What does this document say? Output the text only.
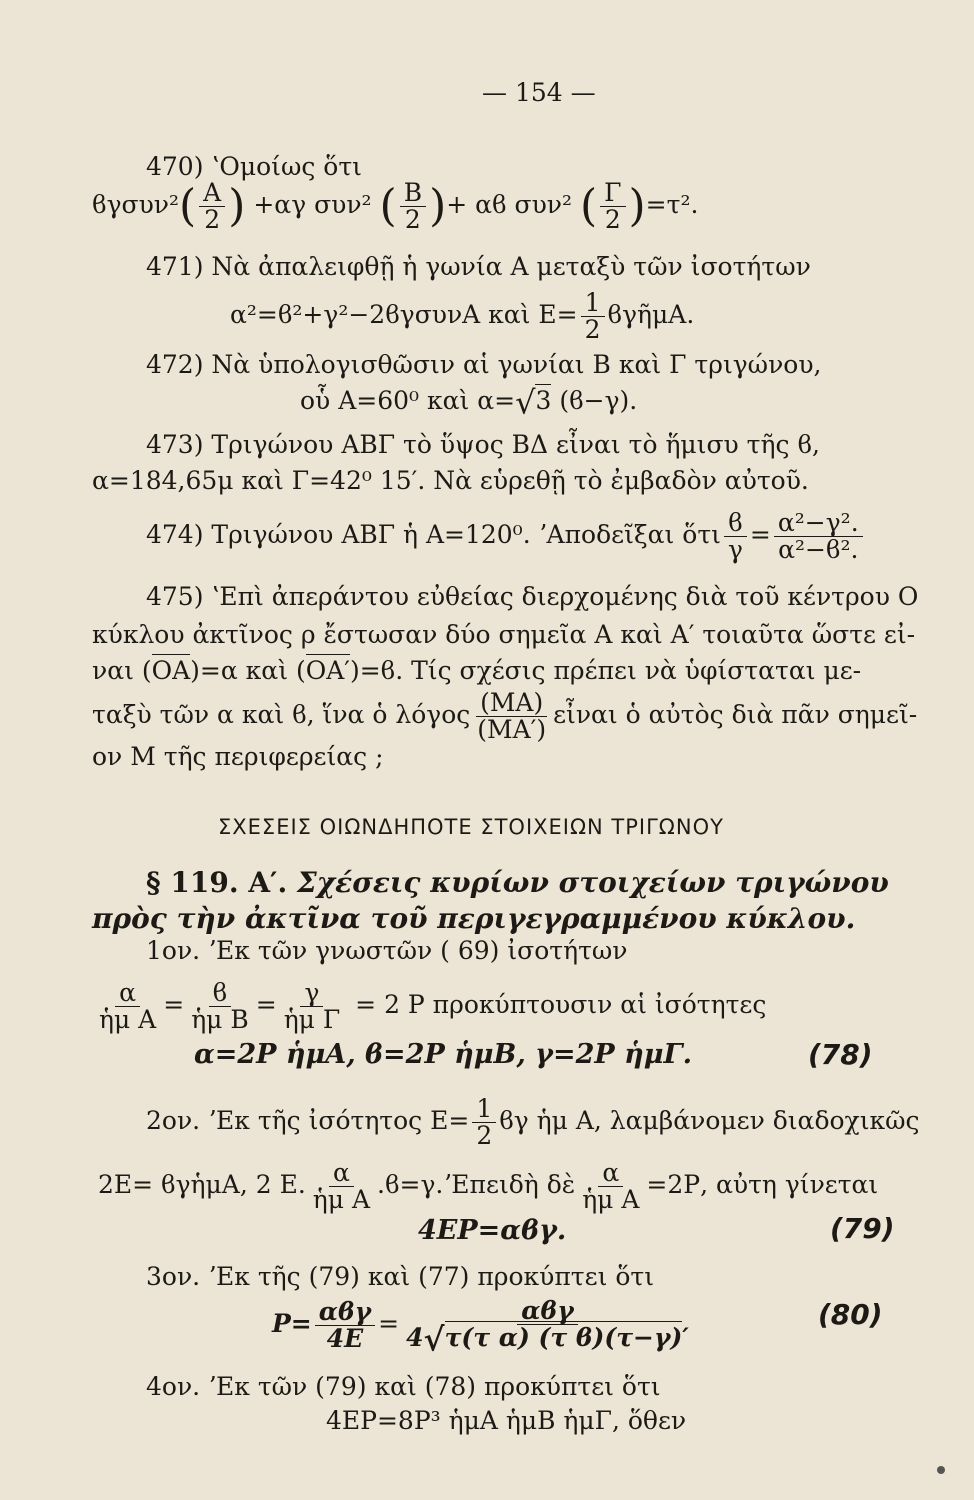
— 154 —
470) ʽΟμοίως ὅτι
$ϐ\gamma\sigma\upsilon\nu^2( \frac{A}{2}$ ) +αγ συν² ( $\frac{B}{2}$ )+ αϐ συν² ( $\frac{\Gamma}{2} )=\tau^2$.
471) Νὰ ἀπαλειφθῇ ἡ γωνία Α μεταξὺ τῶν ἰσοτήτων
α²=ϐ²+γ²−2ϐγσυνΑ καὶ $E= \frac{1}{2}$ ϐγῆμΑ.
472) Νὰ ὑπολογισθῶσιν αἱ γωνίαι Β καὶ Γ τριγώνου,
οὗ Α=60⁰ καὶ α=√3 (ϐ−γ).
473) Τριγώνου ΑΒΓ τὸ ὕψος ΒΔ εἶναι τὸ ἥμισυ τῆς ϐ,
α=184,65μ καὶ Γ=42⁰ 15′. Νὰ εὑρεθῇ τὸ ἐμβαδὸν αὐτοῦ.
474) Τριγώνου ΑΒΓ ἡ Α=120⁰. ʼΑποδεῖξαι ὅτι $\frac{ϐ}{\gamma} = \frac{\text{α²−γ².}}{\text{α²−ϐ².}}$
475) ʽΕπὶ ἀπεράντου εὐθείας διερχομένης διὰ τοῦ κέντρου Ο
κύκλου ἀκτῖνος ρ ἔστωσαν δύο σημεῖα Α καὶ Α′ τοιαῦτα ὥστε εἰ-
ναι (ΟΑ)=α καὶ (ΟΑ′)=ϐ. Τίς σχέσις πρέπει νὰ ὑφίσταται με-
ταξὺ τῶν α καὶ ϐ, ἵνα ὁ λόγος $\frac{(MA)}{(MA')}$ εἶναι ὁ αὐτὸς διὰ πᾶν σημεῖ-
ον Μ τῆς περιφερείας ;
ΣΧΕΣΕΙΣ ΟΙΩΝΔΗΠΟΤΕ ΣΤΟΙΧΕΙΩΝ ΤΡΙΓΩΝΟΥ
§ 119. Α′. Σχέσεις κυρίων στοιχείων τριγώνου
πρὸς τὴν ἀκτῖνα τοῦ περιγεγραμμένου κύκλου.
1ον. ʼΕκ τῶν γνωστῶν ( 69) ἰσοτήτων
$\frac{\alpha}{\text{ἡμ Α}} = \frac{ϐ}{\text{ἡμ Β}} = \frac{\gamma}{\text{ἡμ Γ}} = 2$ Ρ προκύπτουσιν αἱ ἰσότητες
α=2Ρ ἡμΑ, ϐ=2Ρ ἡμΒ, γ=2Ρ ἡμΓ.	(78)
2ον. ʼΕκ τῆς ἰσότητος $E= \frac{1}{2}$ ϐγ ἡμ Α, λαμβάνομεν διαδοχικῶς
2Ε= ϐγἡμΑ, 2 Ε. $\frac{\alpha}{\text{ἡμ Α}}$ .ϐ=γ.ʼΕπειδὴ δὲ $\frac{\alpha}{\text{ἡμ Α}} =2P$, αὐτη γίνεται
4ΕΡ=αϐγ.	(79)
3ον. ʼΕκ τῆς (79) καὶ (77) προκύπτει ὅτι
$P= \frac{\text{αϐγ}}{4E} = \frac{\text{αϐγ}}{\text{4√τ(τ α) (τ ϐ)(τ−γ)′}}$	(80)
4ον. ʼΕκ τῶν (79) καὶ (78) προκύπτει ὅτι
4ΕΡ=8Ρ³ ἡμΑ ἡμΒ ἡμΓ, ὅθεν
